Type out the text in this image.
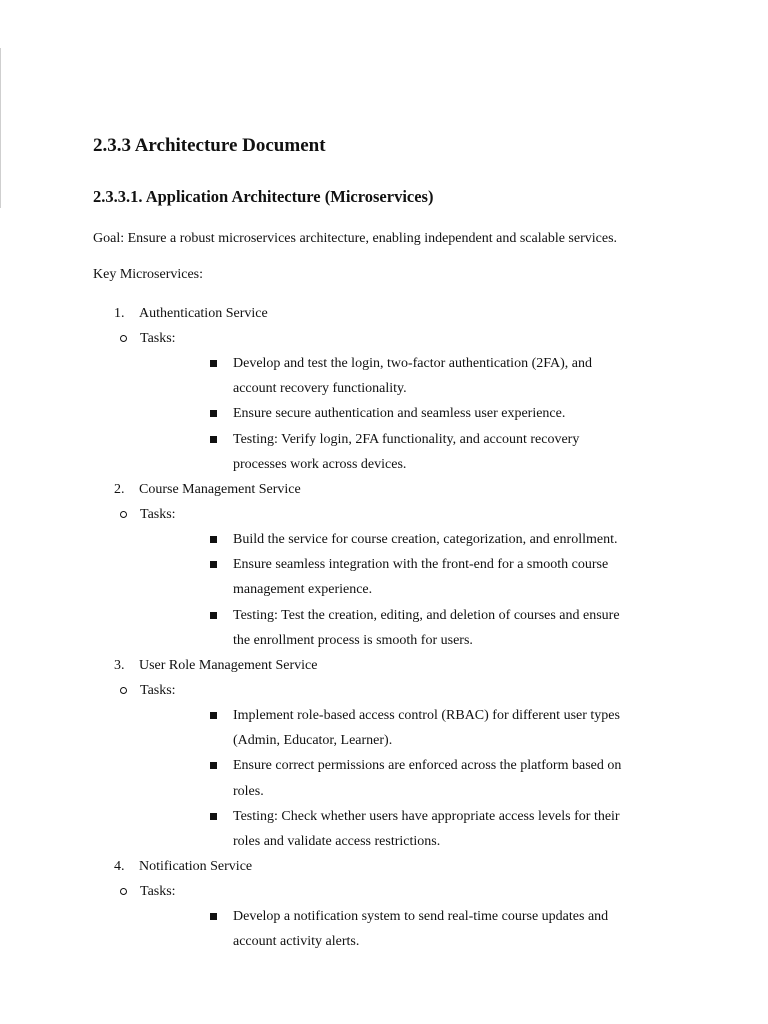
2.3.3 Architecture Document
2.3.3.1. Application Architecture (Microservices)

Goal: Ensure a robust microservices architecture, enabling independent and scalable services.

Key Microservices:

1. Authentication Service
Tasks:
Develop and test the login, two-factor authentication (2FA), and account recovery functionality.
Ensure secure authentication and seamless user experience.
Testing: Verify login, 2FA functionality, and account recovery processes work across devices.
2. Course Management Service
Tasks:
Build the service for course creation, categorization, and enrollment.
Ensure seamless integration with the front-end for a smooth course management experience.
Testing: Test the creation, editing, and deletion of courses and ensure the enrollment process is smooth for users.
3. User Role Management Service
Tasks:
Implement role-based access control (RBAC) for different user types (Admin, Educator, Learner).
Ensure correct permissions are enforced across the platform based on roles.
Testing: Check whether users have appropriate access levels for their roles and validate access restrictions.
4. Notification Service
Tasks:
Develop a notification system to send real-time course updates and account activity alerts.
